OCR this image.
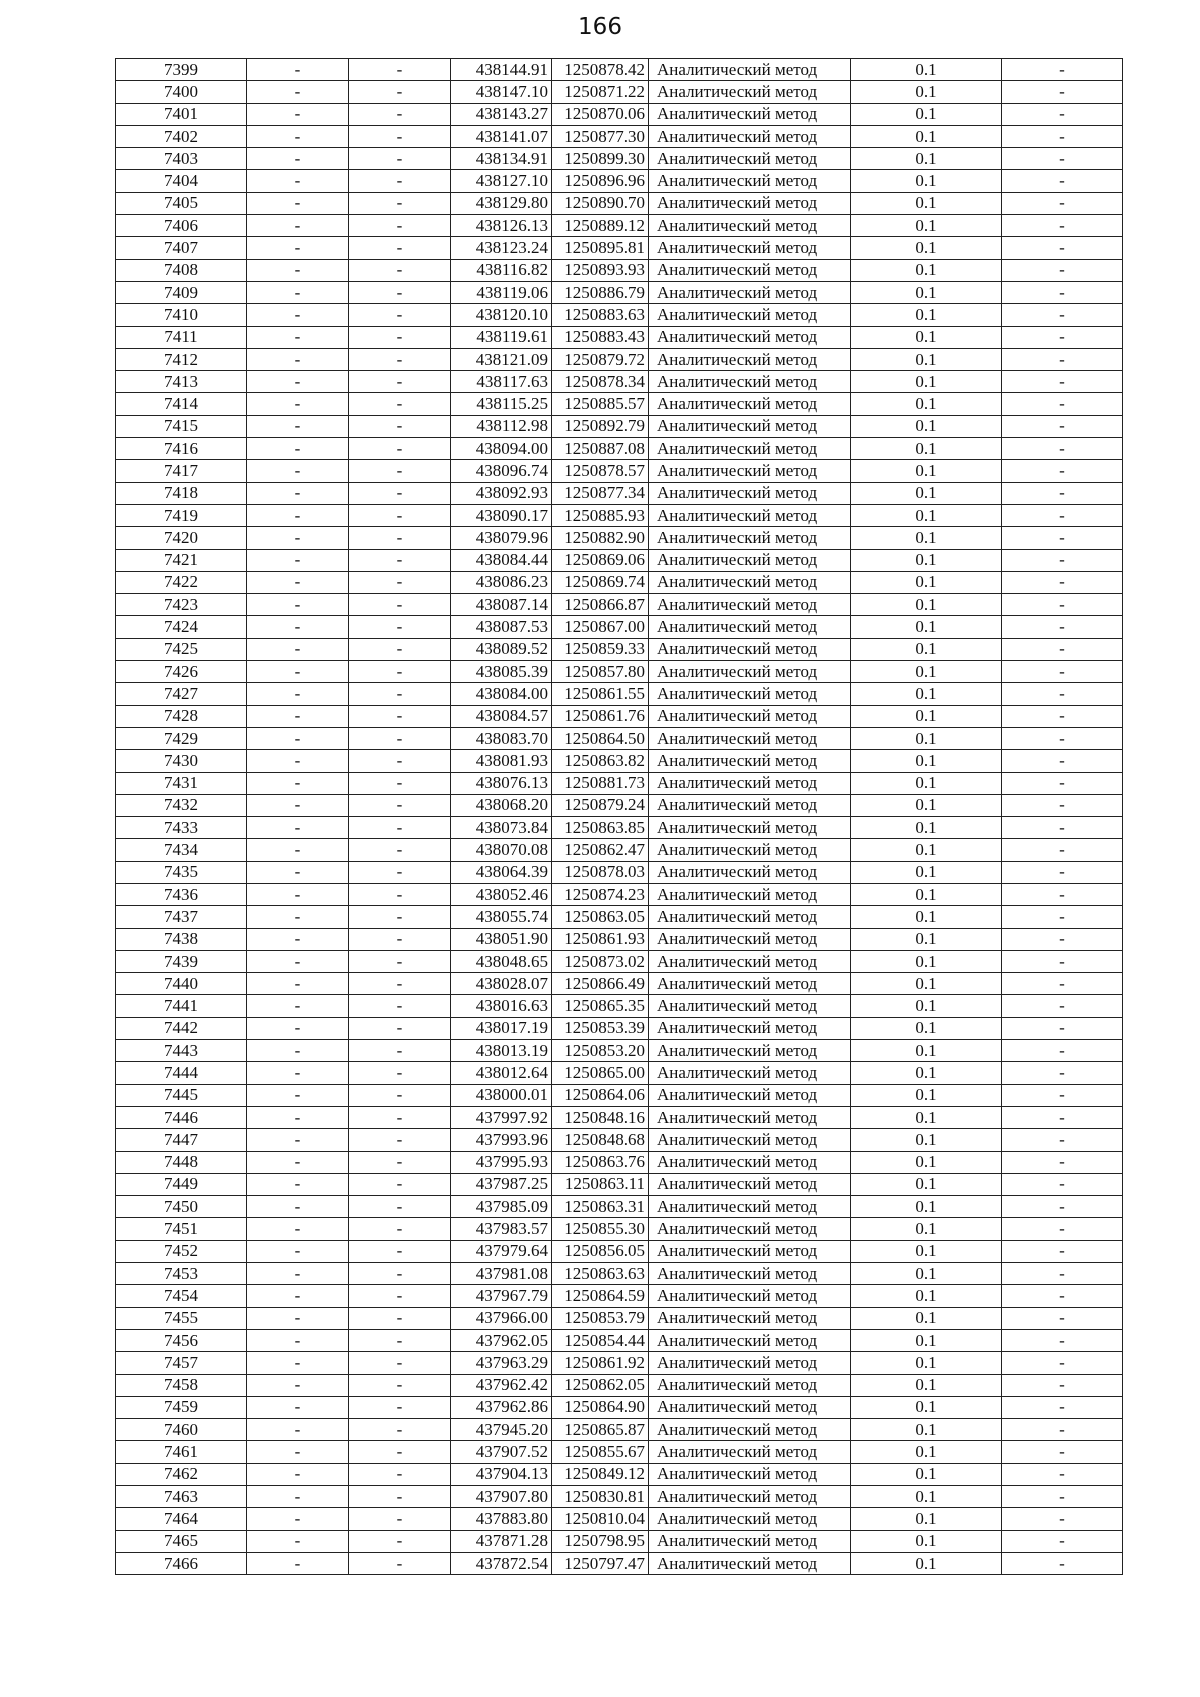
166
7399	-	-	438144.91	1250878.42	Аналитический метод	0.1	-
7400	-	-	438147.10	1250871.22	Аналитический метод	0.1	-
7401	-	-	438143.27	1250870.06	Аналитический метод	0.1	-
7402	-	-	438141.07	1250877.30	Аналитический метод	0.1	-
7403	-	-	438134.91	1250899.30	Аналитический метод	0.1	-
7404	-	-	438127.10	1250896.96	Аналитический метод	0.1	-
7405	-	-	438129.80	1250890.70	Аналитический метод	0.1	-
7406	-	-	438126.13	1250889.12	Аналитический метод	0.1	-
7407	-	-	438123.24	1250895.81	Аналитический метод	0.1	-
7408	-	-	438116.82	1250893.93	Аналитический метод	0.1	-
7409	-	-	438119.06	1250886.79	Аналитический метод	0.1	-
7410	-	-	438120.10	1250883.63	Аналитический метод	0.1	-
7411	-	-	438119.61	1250883.43	Аналитический метод	0.1	-
7412	-	-	438121.09	1250879.72	Аналитический метод	0.1	-
7413	-	-	438117.63	1250878.34	Аналитический метод	0.1	-
7414	-	-	438115.25	1250885.57	Аналитический метод	0.1	-
7415	-	-	438112.98	1250892.79	Аналитический метод	0.1	-
7416	-	-	438094.00	1250887.08	Аналитический метод	0.1	-
7417	-	-	438096.74	1250878.57	Аналитический метод	0.1	-
7418	-	-	438092.93	1250877.34	Аналитический метод	0.1	-
7419	-	-	438090.17	1250885.93	Аналитический метод	0.1	-
7420	-	-	438079.96	1250882.90	Аналитический метод	0.1	-
7421	-	-	438084.44	1250869.06	Аналитический метод	0.1	-
7422	-	-	438086.23	1250869.74	Аналитический метод	0.1	-
7423	-	-	438087.14	1250866.87	Аналитический метод	0.1	-
7424	-	-	438087.53	1250867.00	Аналитический метод	0.1	-
7425	-	-	438089.52	1250859.33	Аналитический метод	0.1	-
7426	-	-	438085.39	1250857.80	Аналитический метод	0.1	-
7427	-	-	438084.00	1250861.55	Аналитический метод	0.1	-
7428	-	-	438084.57	1250861.76	Аналитический метод	0.1	-
7429	-	-	438083.70	1250864.50	Аналитический метод	0.1	-
7430	-	-	438081.93	1250863.82	Аналитический метод	0.1	-
7431	-	-	438076.13	1250881.73	Аналитический метод	0.1	-
7432	-	-	438068.20	1250879.24	Аналитический метод	0.1	-
7433	-	-	438073.84	1250863.85	Аналитический метод	0.1	-
7434	-	-	438070.08	1250862.47	Аналитический метод	0.1	-
7435	-	-	438064.39	1250878.03	Аналитический метод	0.1	-
7436	-	-	438052.46	1250874.23	Аналитический метод	0.1	-
7437	-	-	438055.74	1250863.05	Аналитический метод	0.1	-
7438	-	-	438051.90	1250861.93	Аналитический метод	0.1	-
7439	-	-	438048.65	1250873.02	Аналитический метод	0.1	-
7440	-	-	438028.07	1250866.49	Аналитический метод	0.1	-
7441	-	-	438016.63	1250865.35	Аналитический метод	0.1	-
7442	-	-	438017.19	1250853.39	Аналитический метод	0.1	-
7443	-	-	438013.19	1250853.20	Аналитический метод	0.1	-
7444	-	-	438012.64	1250865.00	Аналитический метод	0.1	-
7445	-	-	438000.01	1250864.06	Аналитический метод	0.1	-
7446	-	-	437997.92	1250848.16	Аналитический метод	0.1	-
7447	-	-	437993.96	1250848.68	Аналитический метод	0.1	-
7448	-	-	437995.93	1250863.76	Аналитический метод	0.1	-
7449	-	-	437987.25	1250863.11	Аналитический метод	0.1	-
7450	-	-	437985.09	1250863.31	Аналитический метод	0.1	-
7451	-	-	437983.57	1250855.30	Аналитический метод	0.1	-
7452	-	-	437979.64	1250856.05	Аналитический метод	0.1	-
7453	-	-	437981.08	1250863.63	Аналитический метод	0.1	-
7454	-	-	437967.79	1250864.59	Аналитический метод	0.1	-
7455	-	-	437966.00	1250853.79	Аналитический метод	0.1	-
7456	-	-	437962.05	1250854.44	Аналитический метод	0.1	-
7457	-	-	437963.29	1250861.92	Аналитический метод	0.1	-
7458	-	-	437962.42	1250862.05	Аналитический метод	0.1	-
7459	-	-	437962.86	1250864.90	Аналитический метод	0.1	-
7460	-	-	437945.20	1250865.87	Аналитический метод	0.1	-
7461	-	-	437907.52	1250855.67	Аналитический метод	0.1	-
7462	-	-	437904.13	1250849.12	Аналитический метод	0.1	-
7463	-	-	437907.80	1250830.81	Аналитический метод	0.1	-
7464	-	-	437883.80	1250810.04	Аналитический метод	0.1	-
7465	-	-	437871.28	1250798.95	Аналитический метод	0.1	-
7466	-	-	437872.54	1250797.47	Аналитический метод	0.1	-
